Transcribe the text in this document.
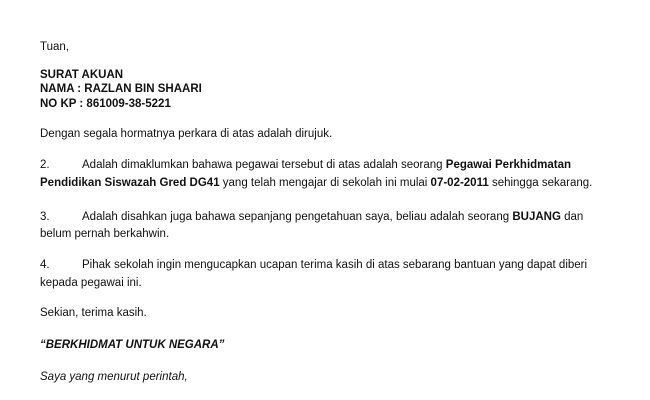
Tuan,
SURAT AKUAN
NAMA : RAZLAN BIN SHAARI
NO KP : 861009-38-5221
Dengan segala hormatnya perkara di atas adalah dirujuk.
2.	Adalah dimaklumkan bahawa pegawai tersebut di atas adalah seorang Pegawai Perkhidmatan
Pendidikan Siswazah Gred DG41 yang telah mengajar di sekolah ini mulai 07-02-2011 sehingga sekarang.
3.	Adalah disahkan juga bahawa sepanjang pengetahuan saya, beliau adalah seorang BUJANG dan
belum pernah berkahwin.
4.	Pihak sekolah ingin mengucapkan ucapan terima kasih di atas sebarang bantuan yang dapat diberi
kepada pegawai ini.
Sekian, terima kasih.
“BERKHIDMAT UNTUK NEGARA”
Saya yang menurut perintah,
